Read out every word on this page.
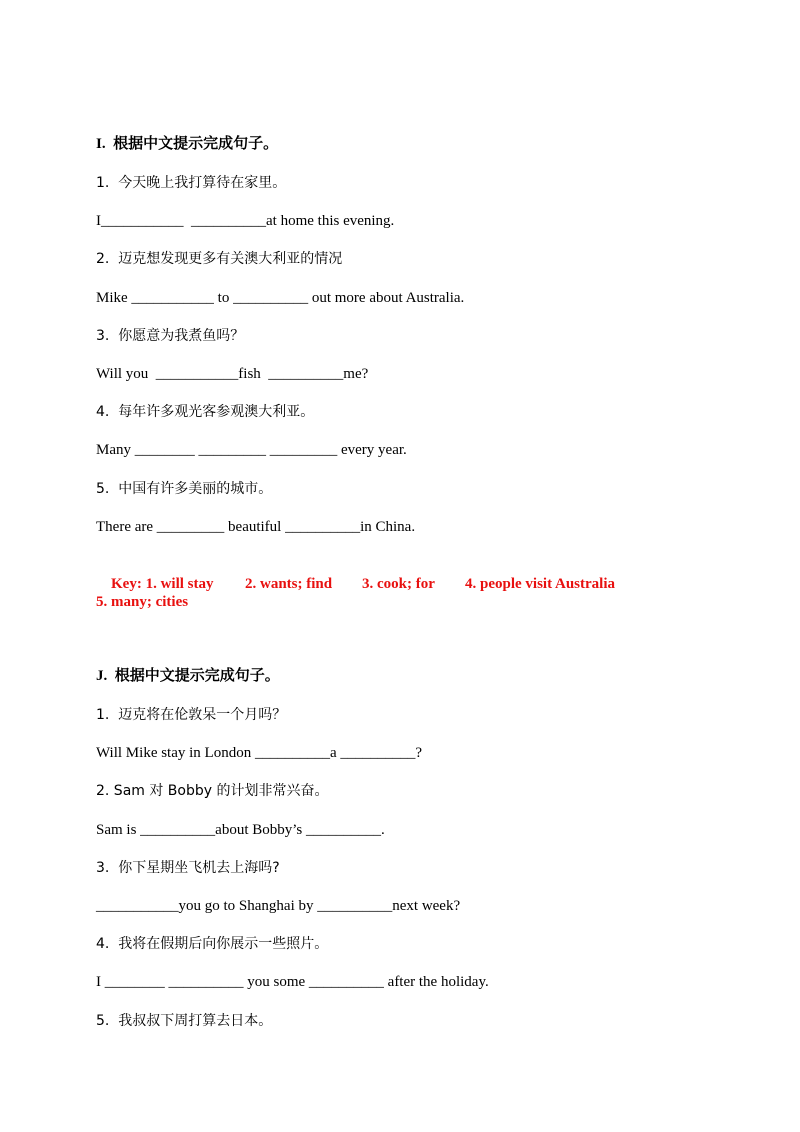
I.  根据中文提示完成句子。
1.  今天晚上我打算待在家里。
I___________  __________at home this evening.
2.  迈克想发现更多有关澳大利亚的情况
Mike ___________ to __________ out more about Australia.
3.  你愿意为我煮鱼吗？
Will you  ___________fish  __________me?
4.  每年许多观光客参观澳大利亚。
Many ________ _________ _________ every year.
5.  中国有许多美丽的城市。
There are _________ beautiful __________in China.

Key: 1. will stay 2. wants; find 3. cook; for 4. people visit Australia

5. many; cities
J.  根据中文提示完成句子。
1.  迈克将在伦敦呆一个月吗？
Will Mike stay in London __________a __________?
2. Sam 对 Bobby 的计划非常兴奋。
Sam is __________about Bobby’s __________.
3.  你下星期坐飞机去上海吗?
___________you go to Shanghai by __________next week?
4.  我将在假期后向你展示一些照片。
I ________ __________ you some __________ after the holiday.
5.  我叔叔下周打算去日本。
